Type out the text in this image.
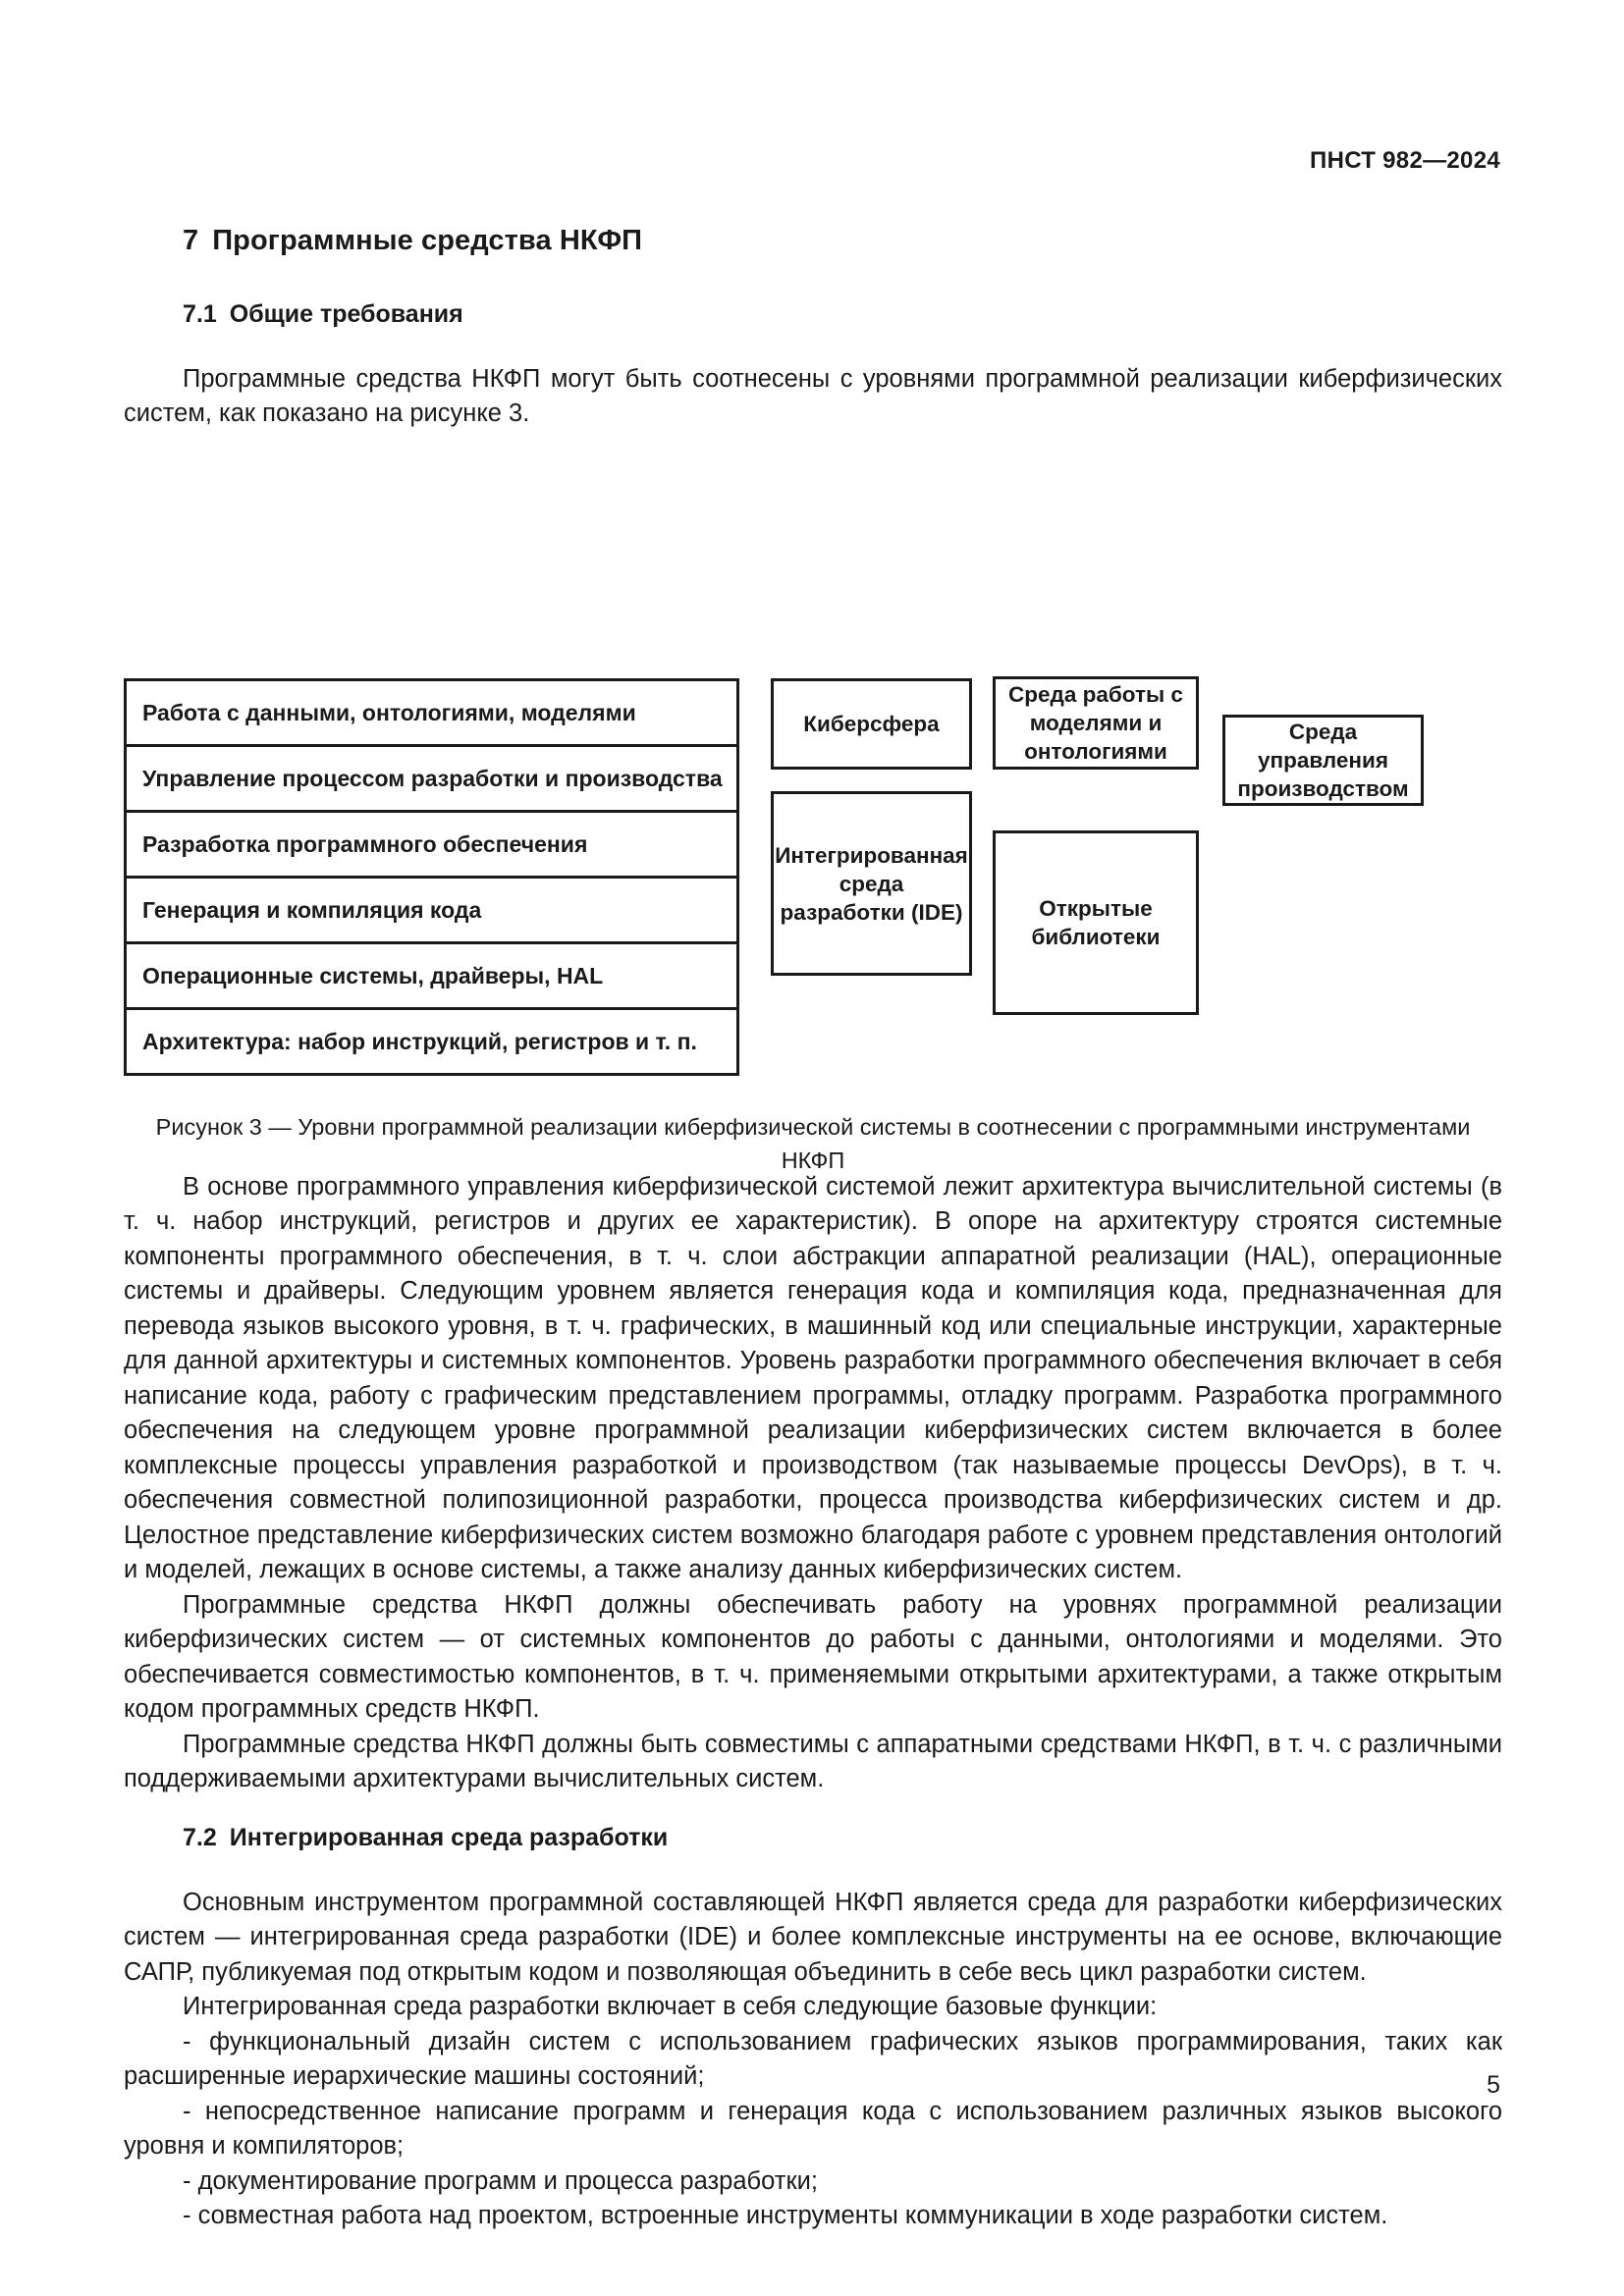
ПНСТ 982—2024
7 Программные средства НКФП
7.1 Общие требования

Программные средства НКФП могут быть соотнесены с уровнями программной реализации киберфизических систем, как показано на рисунке 3.

Работа с данными, онтологиями, моделями
Управление процессом разработки и производства
Разработка программного обеспечения
Генерация и компиляция кода
Операционные системы, драйверы, HAL
Архитектура: набор инструкций, регистров и т. п.
Киберсфера
Среда работы с моделями и онтологиями
Среда управления производством
Интегрированная среда разработки (IDE)	Открытые библиотеки
Рисунок 3 — Уровни программной реализации киберфизической системы в соотнесении с программными инструментами НКФП

В основе программного управления киберфизической системой лежит архитектура вычислительной системы (в т. ч. набор инструкций, регистров и других ее характеристик). В опоре на архитектуру строятся системные компоненты программного обеспечения, в т. ч. слои абстракции аппаратной реализации (HAL), операционные системы и драйверы. Следующим уровнем является генерация кода и компиляция кода, предназначенная для перевода языков высокого уровня, в т. ч. графических, в машинный код или специальные инструкции, характерные для данной архитектуры и системных компонентов. Уровень разработки программного обеспечения включает в себя написание кода, работу с графическим представлением программы, отладку программ. Разработка программного обеспечения на следующем уровне программной реализации киберфизических систем включается в более комплексные процессы управления разработкой и производством (так называемые процессы DevOps), в т. ч. обеспечения совместной полипозиционной разработки, процесса производства киберфизических систем и др. Целостное представление киберфизических систем возможно благодаря работе с уровнем представления онтологий и моделей, лежащих в основе системы, а также анализу данных киберфизических систем.

Программные средства НКФП должны обеспечивать работу на уровнях программной реализации киберфизических систем — от системных компонентов до работы с данными, онтологиями и моделями. Это обеспечивается совместимостью компонентов, в т. ч. применяемыми открытыми архитектурами, а также открытым кодом программных средств НКФП.

Программные средства НКФП должны быть совместимы с аппаратными средствами НКФП, в т. ч. с различными поддерживаемыми архитектурами вычислительных систем.

7.2 Интегрированная среда разработки

Основным инструментом программной составляющей НКФП является среда для разработки киберфизических систем — интегрированная среда разработки (IDE) и более комплексные инструменты на ее основе, включающие САПР, публикуемая под открытым кодом и позволяющая объединить в себе весь цикл разработки систем.

Интегрированная среда разработки включает в себя следующие базовые функции:

- функциональный дизайн систем с использованием графических языков программирования, таких как расширенные иерархические машины состояний;

- непосредственное написание программ и генерация кода с использованием различных языков высокого уровня и компиляторов;

- документирование программ и процесса разработки;

- совместная работа над проектом, встроенные инструменты коммуникации в ходе разработки систем.

5
